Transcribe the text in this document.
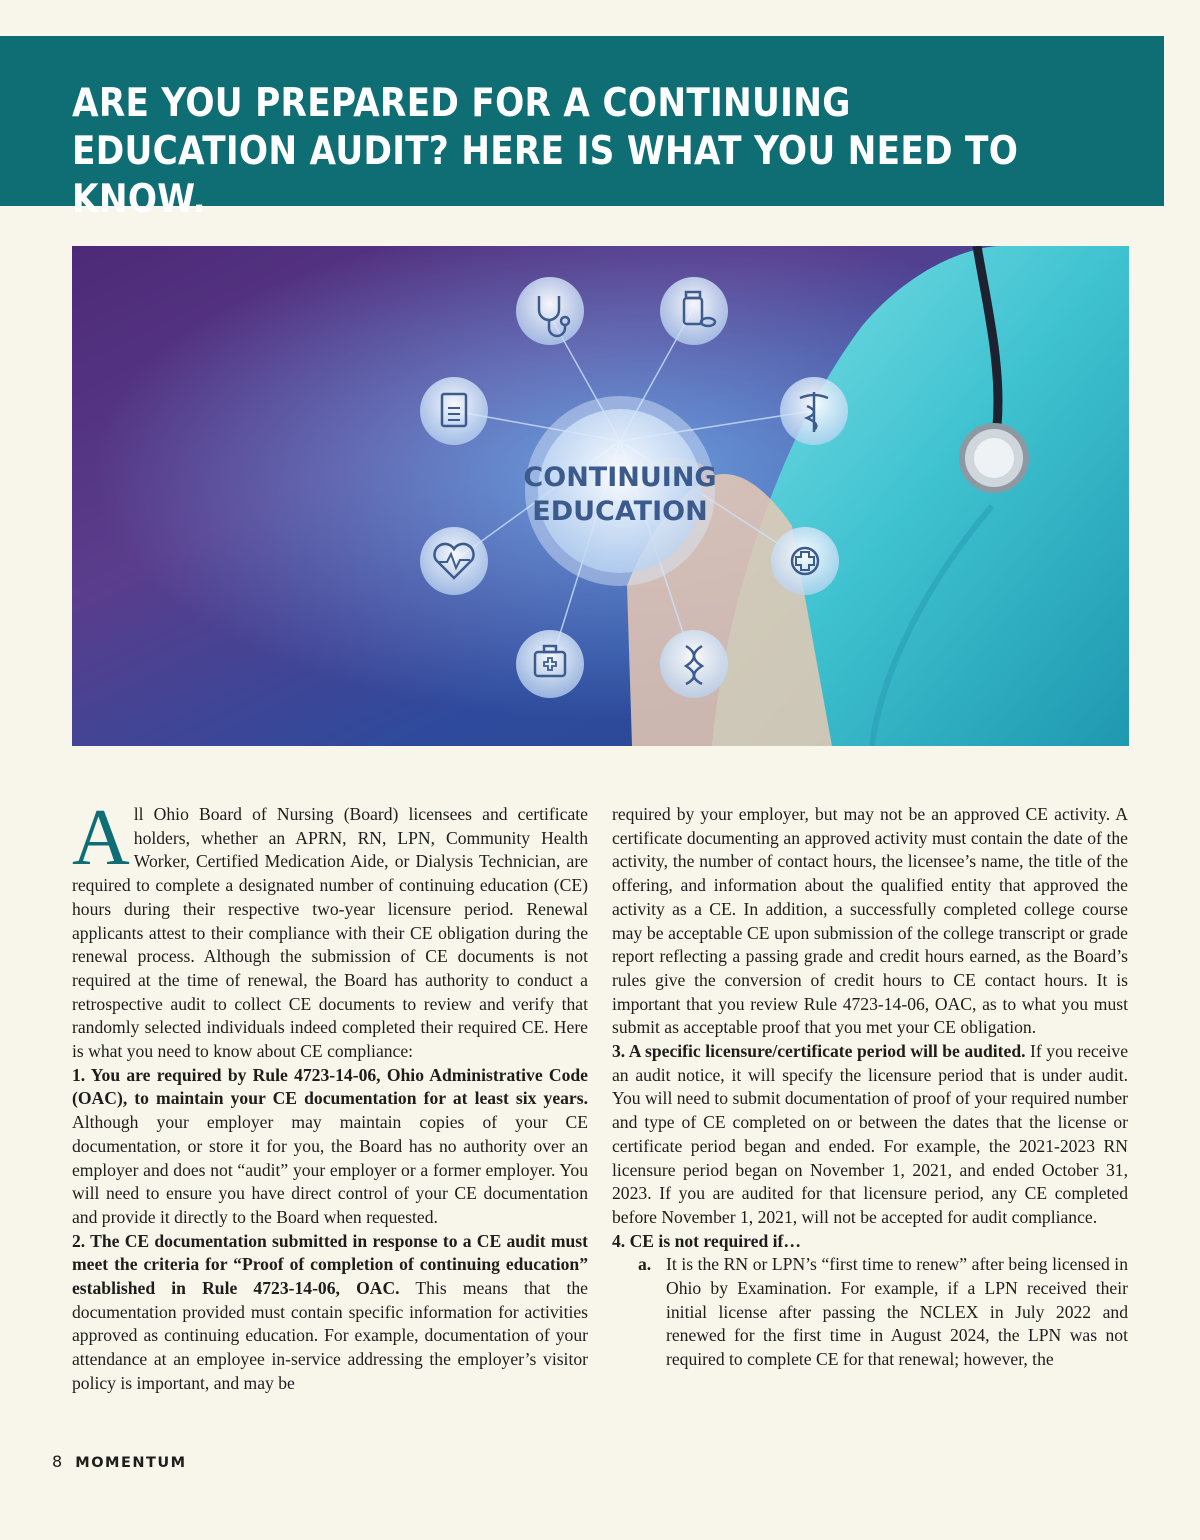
ARE YOU PREPARED FOR A CONTINUING EDUCATION AUDIT? HERE IS WHAT YOU NEED TO KNOW.
CONTINUING
EDUCATION

All Ohio Board of Nursing (Board) licensees and certificate holders, whether an APRN, RN, LPN, Community Health Worker, Certified Medication Aide, or Dialysis Technician, are required to complete a designated number of continuing education (CE) hours during their respective two-year licensure period. Renewal applicants attest to their compliance with their CE obligation during the renewal process. Although the submission of CE documents is not required at the time of renewal, the Board has authority to conduct a retrospective audit to collect CE documents to review and verify that randomly selected individuals indeed completed their required CE. Here is what you need to know about CE compliance:

1. You are required by Rule 4723-14-06, Ohio Administrative Code (OAC), to maintain your CE documentation for at least six years. Although your employer may maintain copies of your CE documentation, or store it for you, the Board has no authority over an employer and does not “audit” your employer or a former employer. You will need to ensure you have direct control of your CE documentation and provide it directly to the Board when requested.

2. The CE documentation submitted in response to a CE audit must meet the criteria for “Proof of completion of continuing education” established in Rule 4723-14-06, OAC. This means that the documentation provided must contain specific information for activities approved as continuing education. For example, documentation of your attendance at an employee in-service addressing the employer’s visitor policy is important, and may be

required by your employer, but may not be an approved CE activity. A certificate documenting an approved activity must contain the date of the activity, the number of contact hours, the licensee’s name, the title of the offering, and information about the qualified entity that approved the activity as a CE. In addition, a successfully completed college course may be acceptable CE upon submission of the college transcript or grade report reflecting a passing grade and credit hours earned, as the Board’s rules give the conversion of credit hours to CE contact hours. It is important that you review Rule 4723-14-06, OAC, as to what you must submit as acceptable proof that you met your CE obligation.

3. A specific licensure/certificate period will be audited. If you receive an audit notice, it will specify the licensure period that is under audit. You will need to submit documentation of proof of your required number and type of CE completed on or between the dates that the license or certificate period began and ended. For example, the 2021-2023 RN licensure period began on November 1, 2021, and ended October 31, 2023. If you are audited for that licensure period, any CE completed before November 1, 2021, will not be accepted for audit compliance.

4. CE is not required if…

a. It is the RN or LPN’s “first time to renew” after being licensed in Ohio by Examination. For example, if a LPN received their initial license after passing the NCLEX in July 2022 and renewed for the first time in August 2024, the LPN was not required to complete CE for that renewal; however, the

8 MOMENTUM
